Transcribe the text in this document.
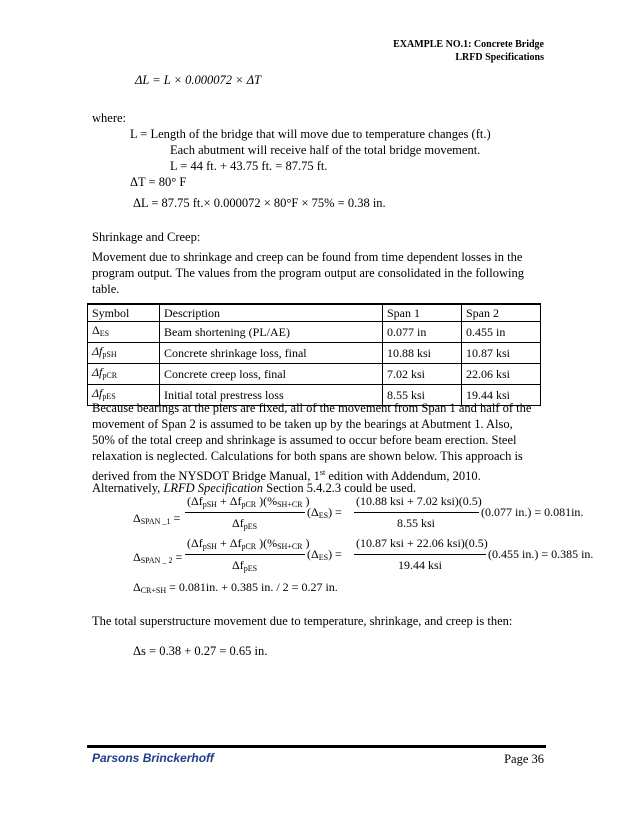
EXAMPLE NO.1: Concrete Bridge
LRFD Specifications
ΔL = L × 0.000072 × ΔT
where:
L = Length of the bridge that will move due to temperature changes (ft.)
Each abutment will receive half of the total bridge movement.
L = 44 ft. + 43.75 ft. = 87.75 ft.
ΔT = 80° F
ΔL = 87.75 ft.× 0.000072 × 80°F × 75% = 0.38 in.
Shrinkage and Creep:
Movement due to shrinkage and creep can be found from time dependent losses in the
program output. The values from the program output are consolidated in the following
table.
Symbol	Description	Span 1	Span 2
$\Delta_{ES}$	Beam shortening (PL/AE)	0.077 in	0.455 in
$\Delta f_{pSH}$	Concrete shrinkage loss, final	10.88 ksi	10.87 ksi
$\Delta f_{pCR}$	Concrete creep loss, final	7.02 ksi	22.06 ksi
$\Delta f_{pES}$	Initial total prestress loss	8.55 ksi	19.44 ksi
Because bearings at the piers are fixed, all of the movement from Span 1 and half of the
movement of Span 2 is assumed to be taken up by the bearings at Abutment 1. Also,
50% of the total creep and shrinkage is assumed to occur before beam erection. Steel
relaxation is neglected. Calculations for both spans are shown below. This approach is
derived from the NYSDOT Bridge Manual, 1st edition with Addendum, 2010.
Alternatively, LRFD Specification Section 5.4.2.3 could be used.
$\Delta_{SPAN \_1}$ =
($\Delta f_{pSH} + \Delta f_{pCR}$ )($\%_{SH+CR}$ )
$\Delta f_{pES}$
$(\Delta_{ES})$ =
(10.88 ksi + 7.02 ksi)(0.5)
8.55 ksi
(0.077 in.) = 0.081in.
$\Delta_{SPAN \_ 2}$ =
($\Delta f_{pSH} + \Delta f_{pCR}$ )($\%_{SH+CR}$ )
$\Delta f_{pES}$
$(\Delta_{ES})$ =
(10.87 ksi + 22.06 ksi)(0.5)
19.44 ksi
(0.455 in.) = 0.385 in.
$\Delta_{CR+SH} = 0.081in$. + 0.385 in. / 2 = 0.27 in.
The total superstructure movement due to temperature, shrinkage, and creep is then:
Δs = 0.38 + 0.27 = 0.65 in.
Parsons Brinckerhoff	Page 36
